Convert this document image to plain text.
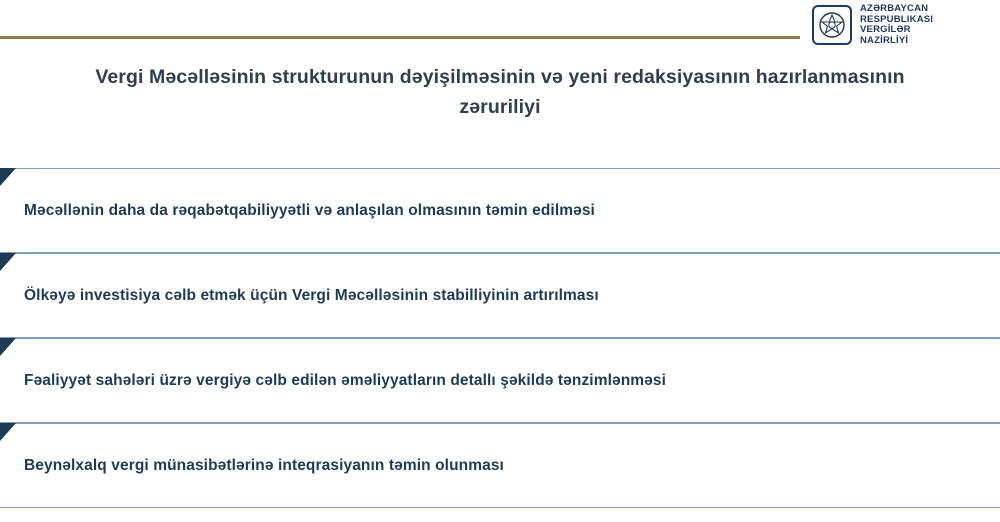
AZƏRBAYCAN
RESPUBLIKASI
VERGİLƏR
NAZİRLİYİ
Vergi Məcəlləsinin strukturunun dəyişilməsinin və yeni redaksiyasının hazırlanmasının zəruriliyi
Məcəllənin daha da rəqabətqabiliyyətli və anlaşılan olmasının təmin edilməsi
Ölkəyə investisiya cəlb etmək üçün Vergi Məcəlləsinin stabilliyinin artırılması
Fəaliyyət sahələri üzrə vergiyə cəlb edilən əməliyyatların detallı şəkildə tənzimlənməsi
Beynəlxalq vergi münasibətlərinə inteqrasiyanın təmin olunması
